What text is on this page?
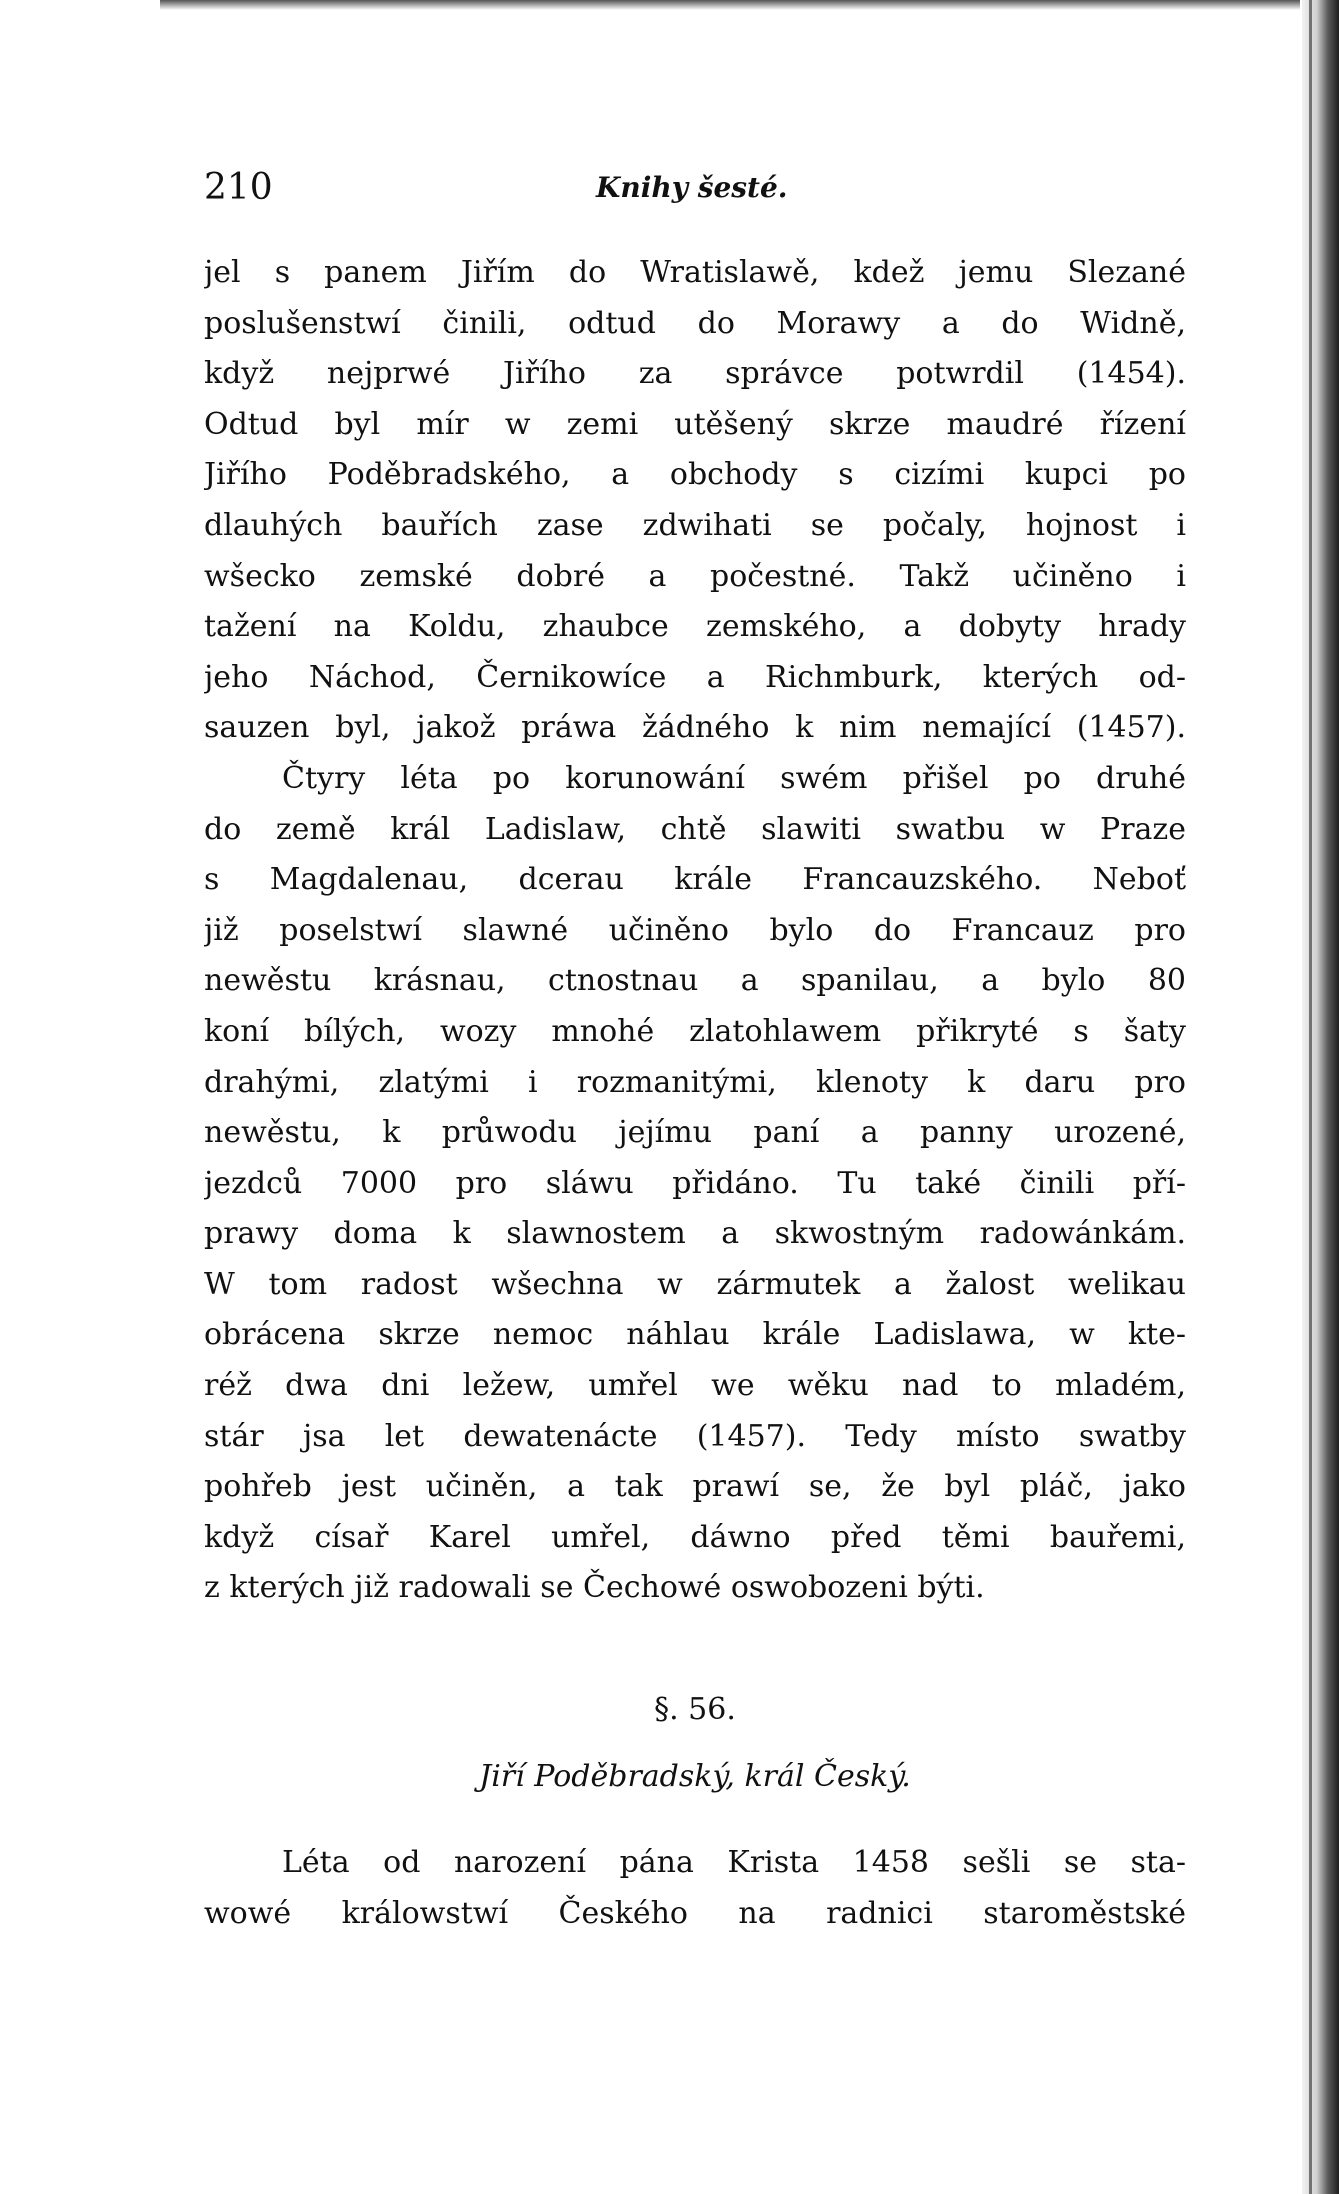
210	Knihy šesté.
jel s panem Jiřím do Wratislawě, kdež jemu Slezané
poslušenstwí činili, odtud do Morawy a do Widně,
když nejprwé Jiřího za správce potwrdil (1454).
Odtud byl mír w zemi utěšený skrze maudré řízení
Jiřího Poděbradského, a obchody s cizími kupci po
dlauhých bauřích zase zdwihati se počaly, hojnost i
wšecko zemské dobré a počestné. Takž učiněno i
tažení na Koldu, zhaubce zemského, a dobyty hrady
jeho Náchod, Černikowíce a Richmburk, kterých od-
sauzen byl, jakož práwa žádného k nim nemající (1457).
Čtyry léta po korunowání swém přišel po druhé
do země král Ladislaw, chtě slawiti swatbu w Praze
s Magdalenau, dcerau krále Francauzského. Neboť
již poselstwí slawné učiněno bylo do Francauz pro
newěstu krásnau, ctnostnau a spanilau, a bylo 80
koní bílých, wozy mnohé zlatohlawem přikryté s šaty
drahými, zlatými i rozmanitými, klenoty k daru pro
newěstu, k průwodu jejímu paní a panny urozené,
jezdců 7000 pro sláwu přidáno. Tu také činili pří-
prawy doma k slawnostem a skwostným radowánkám.
W tom radost wšechna w zármutek a žalost welikau
obrácena skrze nemoc náhlau krále Ladislawa, w kte-
réž dwa dni ležew, umřel we wěku nad to mladém,
stár jsa let dewatenácte (1457). Tedy místo swatby
pohřeb jest učiněn, a tak prawí se, že byl pláč, jako
když císař Karel umřel, dáwno před těmi bauřemi,
z kterých již radowali se Čechowé oswobozeni býti.
§. 56.
Jiří Poděbradský, král Český.
Léta od narození pána Krista 1458 sešli se sta-
wowé králowstwí Českého na radnici staroměstské
